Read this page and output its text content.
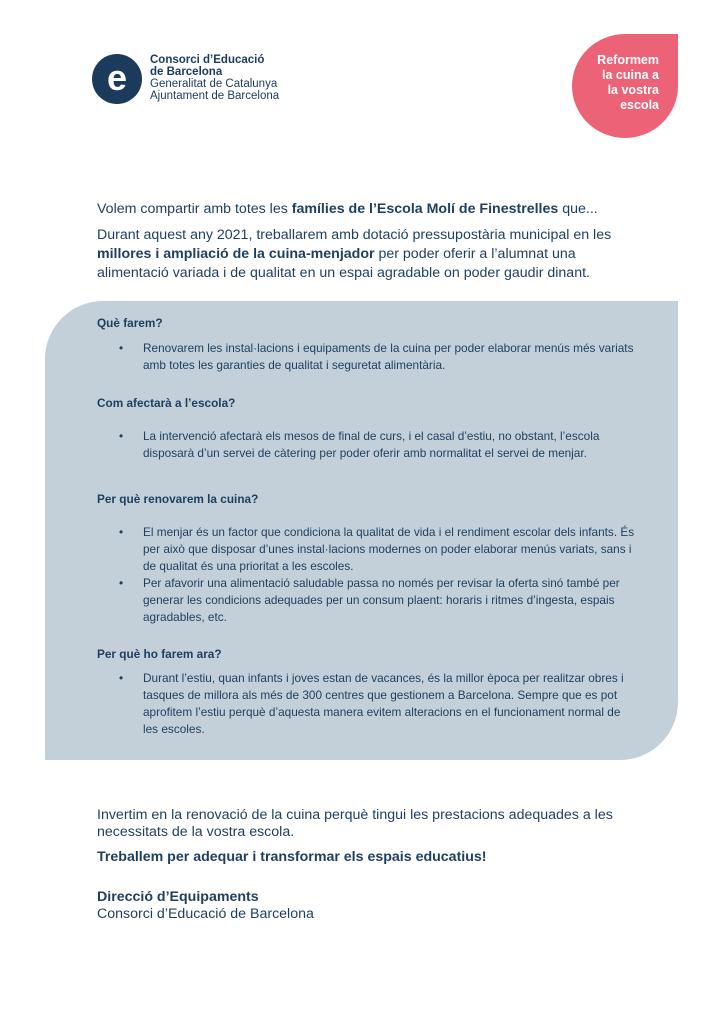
e Consorci d’Educació
de Barcelona
Generalitat de Catalunya
Ajuntament de Barcelona
Reformem
la cuina a
la vostra
escola

Volem compartir amb totes les famílies de l’Escola Molí de Finestrelles que...

Durant aquest any 2021, treballarem amb dotació pressupostària municipal en les millores i ampliació de la cuina-menjador per poder oferir a l’alumnat una alimentació variada i de qualitat en un espai agradable on poder gaudir dinant.

Què farem?
• Renovarem les instal·lacions i equipaments de la cuina per poder elaborar menús més variats amb totes les garanties de qualitat i seguretat alimentària.
Com afectarà a l’escola?
• La intervenció afectarà els mesos de final de curs, i el casal d’estiu, no obstant, l’escola disposarà d’un servei de càtering per poder oferir amb normalitat el servei de menjar.
Per què renovarem la cuina?
• El menjar és un factor que condiciona la qualitat de vida i el rendiment escolar dels infants. És per això que disposar d’unes instal·lacions modernes on poder elaborar menús variats, sans i de qualitat és una prioritat a les escoles.
• Per afavorir una alimentació saludable passa no només per revisar la oferta sinó també per generar les condicions adequades per un consum plaent: horaris i ritmes d’ingesta, espais agradables, etc.
Per què ho farem ara?
• Durant l’estiu, quan infants i joves estan de vacances, és la millor època per realitzar obres i tasques de millora als més de 300 centres que gestionem a Barcelona. Sempre que es pot aprofitem l’estiu perquè d’aquesta manera evitem alteracions en el funcionament normal de les escoles.

Invertim en la renovació de la cuina perquè tingui les prestacions adequades a les necessitats de la vostra escola.

Treballem per adequar i transformar els espais educatius!

Direcció d’Equipaments
Consorci d’Educació de Barcelona
